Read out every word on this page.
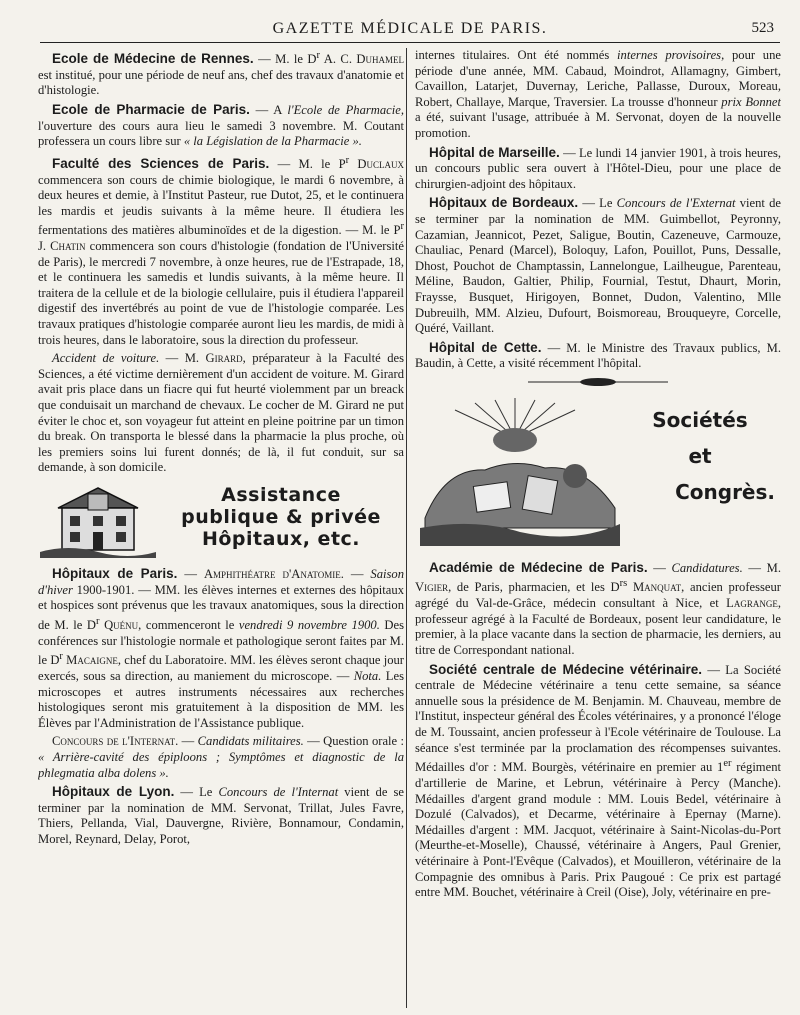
GAZETTE MÉDICALE DE PARIS.	523

Ecole de Médecine de Rennes. — M. le $D^r$ A. C. Duhamel est institué, pour une période de neuf ans, chef des travaux d'anatomie et d'histologie.

Ecole de Pharmacie de Paris. — A l'Ecole de Pharmacie, l'ouverture des cours aura lieu le samedi 3 novembre. M. Coutant professera un cours libre sur « la Législation de la Pharmacie ».

Faculté des Sciences de Paris. — M. le $P^r$ Duclaux commencera son cours de chimie biologique, le mardi 6 novembre, à deux heures et demie, à l'Institut Pasteur, rue Dutot, 25, et le continuera les mardis et jeudis suivants à la même heure. Il étudiera les fermentations des matières albuminoïdes et de la digestion. — M. le $P^r$ J. Chatin commencera son cours d'histologie (fondation de l'Université de Paris), le mercredi 7 novembre, à onze heures, rue de l'Estrapade, 18, et le continuera les samedis et lundis suivants, à la même heure. Il traitera de la cellule et de la biologie cellulaire, puis il étudiera l'appareil digestif des invertébrés au point de vue de l'histologie comparée. Les travaux pratiques d'histologie comparée auront lieu les mardis, de midi à trois heures, dans le laboratoire, sous la direction du professeur.

Accident de voiture. — M. Girard, préparateur à la Faculté des Sciences, a été victime dernièrement d'un accident de voiture. M. Girard avait pris place dans un fiacre qui fut heurté violemment par un breack que conduisait un marchand de chevaux. Le cocher de M. Girard ne put éviter le choc et, son voyageur fut atteint en pleine poitrine par un timon du break. On transporta le blessé dans la pharmacie la plus proche, où les premiers soins lui furent donnés; de là, il fut conduit, sur sa demande, à son domicile.

Assistance
publique & privée
Hôpitaux, etc.

Hôpitaux de Paris. — Amphithéatre d'Anatomie. — Saison d'hiver 1900-1901. — MM. les élèves internes et externes des hôpitaux et hospices sont prévenus que les travaux anatomiques, sous la direction de M. le $D^r$ Quénu, commenceront le vendredi 9 novembre 1900. Des conférences sur l'histologie normale et pathologique seront faites par M. le $D^r$ Macaigne, chef du Laboratoire. MM. les élèves seront chaque jour exercés, sous sa direction, au maniement du microscope. — Nota. Les microscopes et autres instruments nécessaires aux recherches histologiques seront mis gratuitement à la disposition de MM. les Élèves par l'Administration de l'Assistance publique.

Concours de l'Internat. — Candidats militaires. — Question orale : « Arrière-cavité des épiploons ; Symptômes et diagnostic de la phlegmatia alba dolens ».

Hôpitaux de Lyon. — Le Concours de l'Internat vient de se terminer par la nomination de MM. Servonat, Trillat, Jules Favre, Thiers, Pellanda, Vial, Dauvergne, Rivière, Bonnamour, Condamin, Morel, Reynard, Delay, Porot,

internes titulaires. Ont été nommés internes provisoires, pour une période d'une année, MM. Cabaud, Moindrot, Allamagny, Gimbert, Cavaillon, Latarjet, Duvernay, Leriche, Pallasse, Duroux, Moreau, Robert, Challaye, Marque, Traversier. La trousse d'honneur prix Bonnet a été, suivant l'usage, attribuée à M. Servonat, doyen de la nouvelle promotion.

Hôpital de Marseille. — Le lundi 14 janvier 1901, à trois heures, un concours public sera ouvert à l'Hôtel-Dieu, pour une place de chirurgien-adjoint des hôpitaux.

Hôpitaux de Bordeaux. — Le Concours de l'Externat vient de se terminer par la nomination de MM. Guimbellot, Peyronny, Cazamian, Jeannicot, Pezet, Saligue, Boutin, Cazeneuve, Carmouze, Chauliac, Penard (Marcel), Boloquy, Lafon, Pouillot, Puns, Dessalle, Dhost, Pouchot de Champtassin, Lannelongue, Lailheugue, Parenteau, Méline, Baudon, Galtier, Philip, Fournial, Testut, Dhaurt, Morin, Fraysse, Busquet, Hirigoyen, Bonnet, Dudon, Valentino, Mlle Dubreuilh, MM. Alzieu, Dufourt, Boismoreau, Brouqueyre, Corcelle, Quéré, Vaillant.

Hôpital de Cette. — M. le Ministre des Travaux publics, M. Baudin, à Cette, a visité récemment l'hôpital.

Sociétés
et
Congrès.

Académie de Médecine de Paris. — Candidatures. — M. Vigier, de Paris, pharmacien, et les $D^{rs}$ Manquat, ancien professeur agrégé du Val-de-Grâce, médecin consultant à Nice, et Lagrange, professeur agrégé à la Faculté de Bordeaux, posent leur candidature, le premier, à la place vacante dans la section de pharmacie, les derniers, au titre de Correspondant national.

Société centrale de Médecine vétérinaire. — La Société centrale de Médecine vétérinaire a tenu cette semaine, sa séance annuelle sous la présidence de M. Benjamin. M. Chauveau, membre de l'Institut, inspecteur général des Écoles vétérinaires, y a prononcé l'éloge de M. Toussaint, ancien professeur à l'Ecole vétérinaire de Toulouse. La séance s'est terminée par la proclamation des récompenses suivantes. Médailles d'or : MM. Bourgès, vétérinaire en premier au 1er régiment d'artillerie de Marine, et Lebrun, vétérinaire à Percy (Manche). Médailles d'argent grand module : MM. Louis Bedel, vétérinaire à Dozulé (Calvados), et Decarme, vétérinaire à Epernay (Marne). Médailles d'argent : MM. Jacquot, vétérinaire à Saint-Nicolas-du-Port (Meurthe-et-Moselle), Chaussé, vétérinaire à Angers, Paul Grenier, vétérinaire à Pont-l'Evêque (Calvados), et Mouilleron, vétérinaire de la Compagnie des omnibus à Paris. Prix Paugoué : Ce prix est partagé entre MM. Bouchet, vétérinaire à Creil (Oise), Joly, vétérinaire en pre-
